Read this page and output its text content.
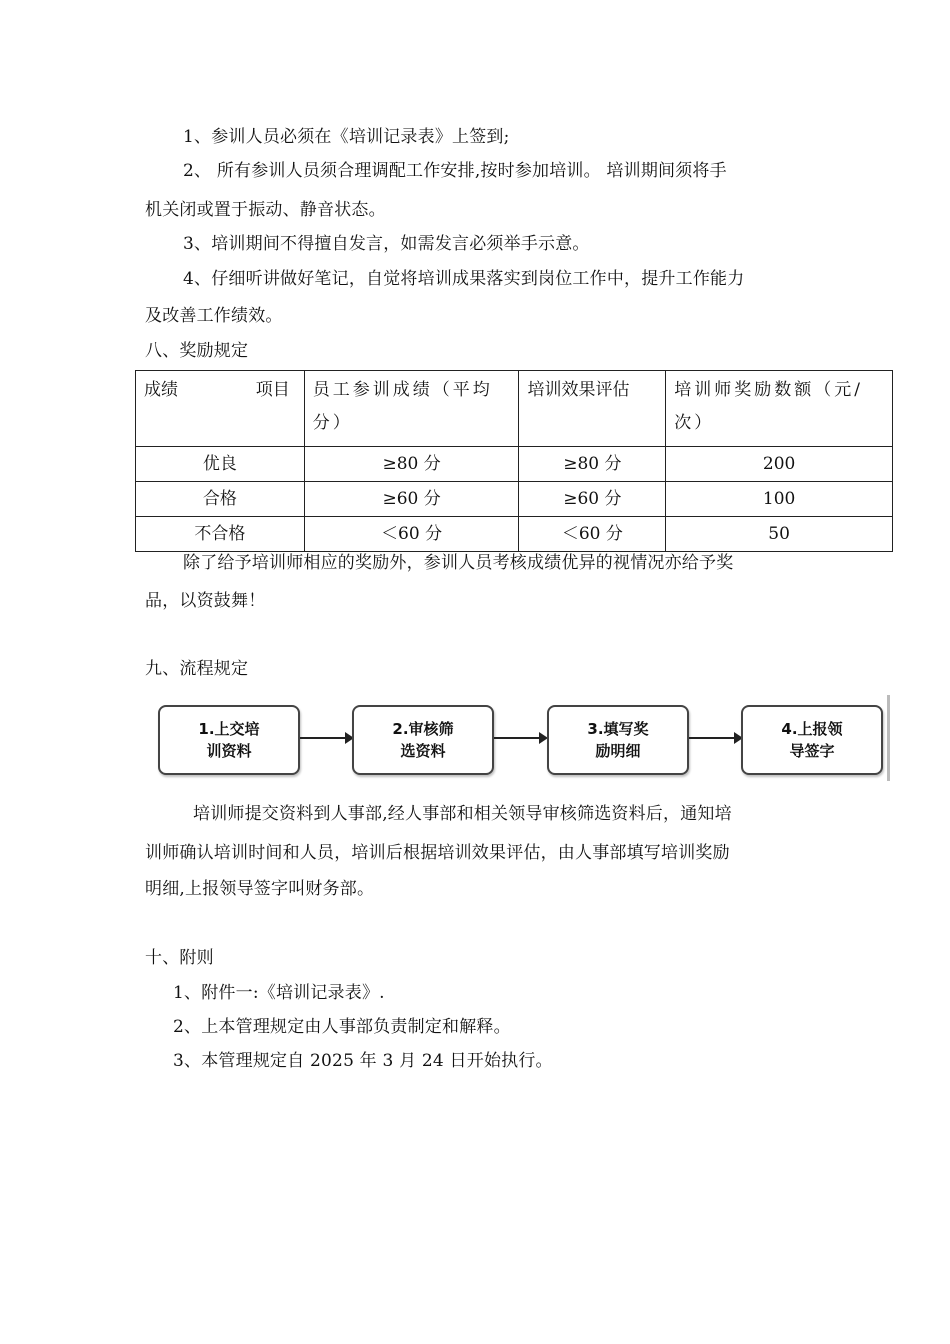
1、参训人员必须在《培训记录表》上签到;
2、 所有参训人员须合理调配工作安排,按时参加培训。 培训期间须将手
机关闭或置于振动、静音状态。
3、培训期间不得擅自发言，如需发言必须举手示意。
4、仔细听讲做好笔记，自觉将培训成果落实到岗位工作中，提升工作能力
及改善工作绩效。
八、奖励规定
成绩 项目	员工参训成绩（平均分）	培训效果评估	培训师奖励数额（元/次）
优良	≥80 分	≥80 分	200
合格	≥60 分	≥60 分	100
不合格	＜60 分	＜60 分	50
除了给予培训师相应的奖励外，参训人员考核成绩优异的视情况亦给予奖
品，以资鼓舞！
九、流程规定
1.上交培
训资料
2.审核筛
选资料
3.填写奖
励明细
4.上报领
导签字
培训师提交资料到人事部,经人事部和相关领导审核筛选资料后，通知培
训师确认培训时间和人员，培训后根据培训效果评估，由人事部填写培训奖励
明细,上报领导签字叫财务部。
十、附则
1、附件一:《培训记录表》.
2、上本管理规定由人事部负责制定和解释。
3、本管理规定自 2025 年 3 月 24 日开始执行。
